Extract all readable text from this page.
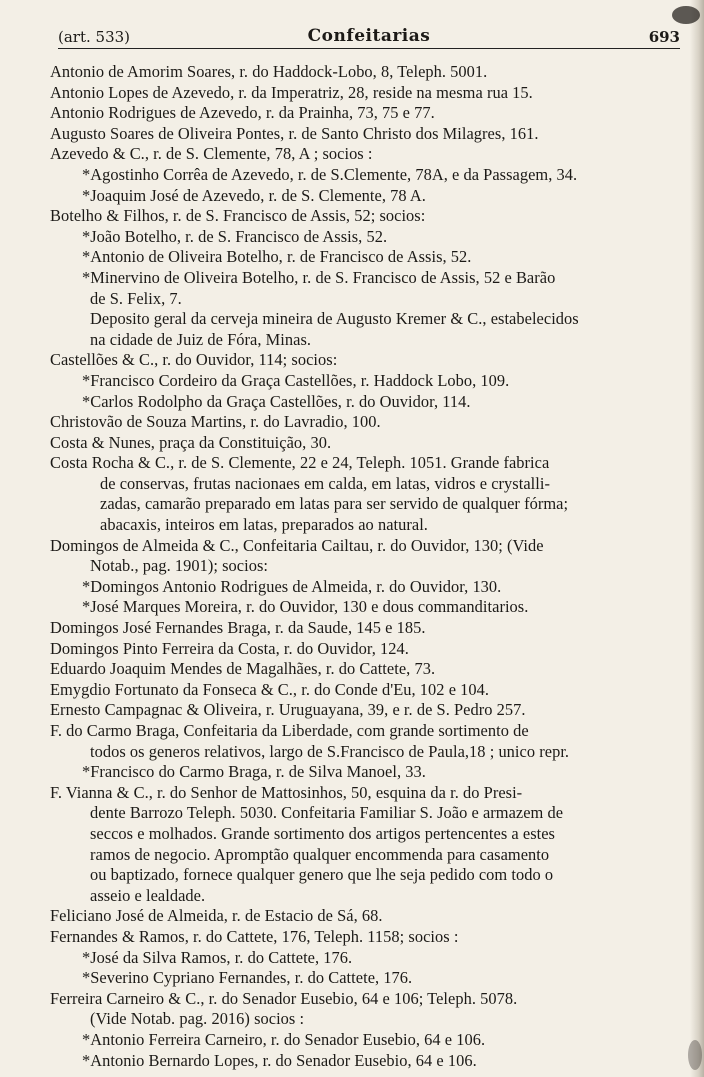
(art. 533)	Confeitarias	693
Antonio de Amorim Soares, r. do Haddock-Lobo, 8, Teleph. 5001.
Antonio Lopes de Azevedo, r. da Imperatriz, 28, reside na mesma rua 15.
Antonio Rodrigues de Azevedo, r. da Prainha, 73, 75 e 77.
Augusto Soares de Oliveira Pontes, r. de Santo Christo dos Milagres, 161.
Azevedo & C., r. de S. Clemente, 78, A ; socios :
*Agostinho Corrêa de Azevedo, r. de S.Clemente, 78A, e da Passagem, 34.
*Joaquim José de Azevedo, r. de S. Clemente, 78 A.
Botelho & Filhos, r. de S. Francisco de Assis, 52; socios:
*João Botelho, r. de S. Francisco de Assis, 52.
*Antonio de Oliveira Botelho, r. de Francisco de Assis, 52.
*Minervino de Oliveira Botelho, r. de S. Francisco de Assis, 52 e Barão
de S. Felix, 7.
Deposito geral da cerveja mineira de Augusto Kremer & C., estabelecidos
na cidade de Juiz de Fóra, Minas.
Castellões & C., r. do Ouvidor, 114; socios:
*Francisco Cordeiro da Graça Castellões, r. Haddock Lobo, 109.
*Carlos Rodolpho da Graça Castellões, r. do Ouvidor, 114.
Christovão de Souza Martins, r. do Lavradio, 100.
Costa & Nunes, praça da Constituição, 30.
Costa Rocha & C., r. de S. Clemente, 22 e 24, Teleph. 1051. Grande fabrica
de conservas, frutas nacionaes em calda, em latas, vidros e crystalli-
zadas, camarão preparado em latas para ser servido de qualquer fórma;
abacaxis, inteiros em latas, preparados ao natural.
Domingos de Almeida & C., Confeitaria Cailtau, r. do Ouvidor, 130; (Vide
Notab., pag. 1901); socios:
*Domingos Antonio Rodrigues de Almeida, r. do Ouvidor, 130.
*José Marques Moreira, r. do Ouvidor, 130 e dous commanditarios.
Domingos José Fernandes Braga, r. da Saude, 145 e 185.
Domingos Pinto Ferreira da Costa, r. do Ouvidor, 124.
Eduardo Joaquim Mendes de Magalhães, r. do Cattete, 73.
Emygdio Fortunato da Fonseca & C., r. do Conde d'Eu, 102 e 104.
Ernesto Campagnac & Oliveira, r. Uruguayana, 39, e r. de S. Pedro 257.
F. do Carmo Braga, Confeitaria da Liberdade, com grande sortimento de
todos os generos relativos, largo de S.Francisco de Paula,18 ; unico repr.
*Francisco do Carmo Braga, r. de Silva Manoel, 33.
F. Vianna & C., r. do Senhor de Mattosinhos, 50, esquina da r. do Presi-
dente Barrozo Teleph. 5030. Confeitaria Familiar S. João e armazem de
seccos e molhados. Grande sortimento dos artigos pertencentes a estes
ramos de negocio. Apromptão qualquer encommenda para casamento
ou baptizado, fornece qualquer genero que lhe seja pedido com todo o
asseio e lealdade.
Feliciano José de Almeida, r. de Estacio de Sá, 68.
Fernandes & Ramos, r. do Cattete, 176, Teleph. 1158; socios :
*José da Silva Ramos, r. do Cattete, 176.
*Severino Cypriano Fernandes, r. do Cattete, 176.
Ferreira Carneiro & C., r. do Senador Eusebio, 64 e 106; Teleph. 5078.
(Vide Notab. pag. 2016) socios :
*Antonio Ferreira Carneiro, r. do Senador Eusebio, 64 e 106.
*Antonio Bernardo Lopes, r. do Senador Eusebio, 64 e 106.
